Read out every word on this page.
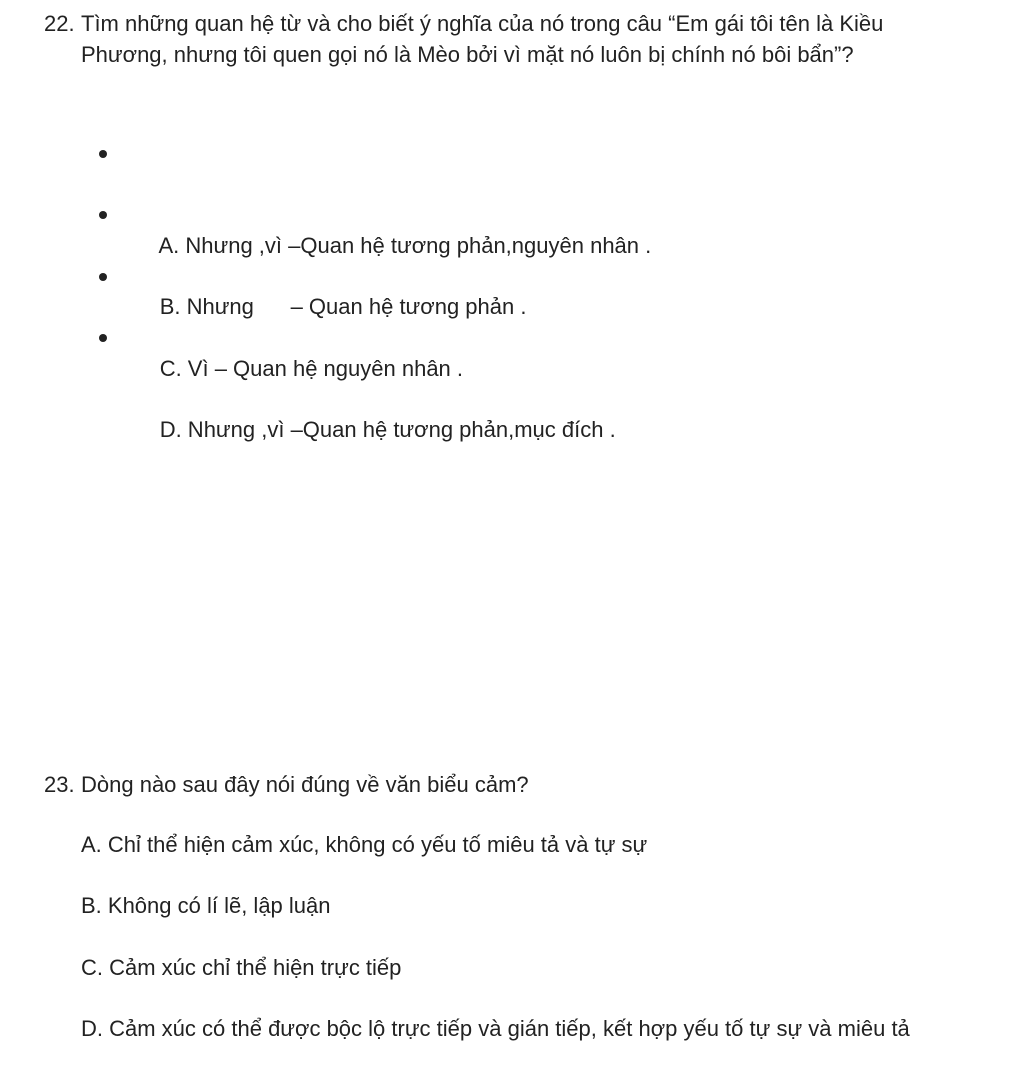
22. Tìm những quan hệ từ và cho biết ý nghĩa của nó trong câu “Em gái tôi tên là Kiều Phương, nhưng tôi quen gọi nó là Mèo bởi vì mặt nó luôn bị chính nó bôi bẩn”?

A. Nhưng ,vì –Quan hệ tương phản,nguyên nhân .

B. Nhưng      – Quan hệ tương phản .

C. Vì – Quan hệ nguyên nhân .

D. Nhưng ,vì –Quan hệ tương phản,mục đích .

23. Dòng nào sau đây nói đúng về văn biểu cảm?
A. Chỉ thể hiện cảm xúc, không có yếu tố miêu tả và tự sự
B. Không có lí lẽ, lập luận
C. Cảm xúc chỉ thể hiện trực tiếp
D. Cảm xúc có thể được bộc lộ trực tiếp và gián tiếp, kết hợp yếu tố tự sự và miêu tả
